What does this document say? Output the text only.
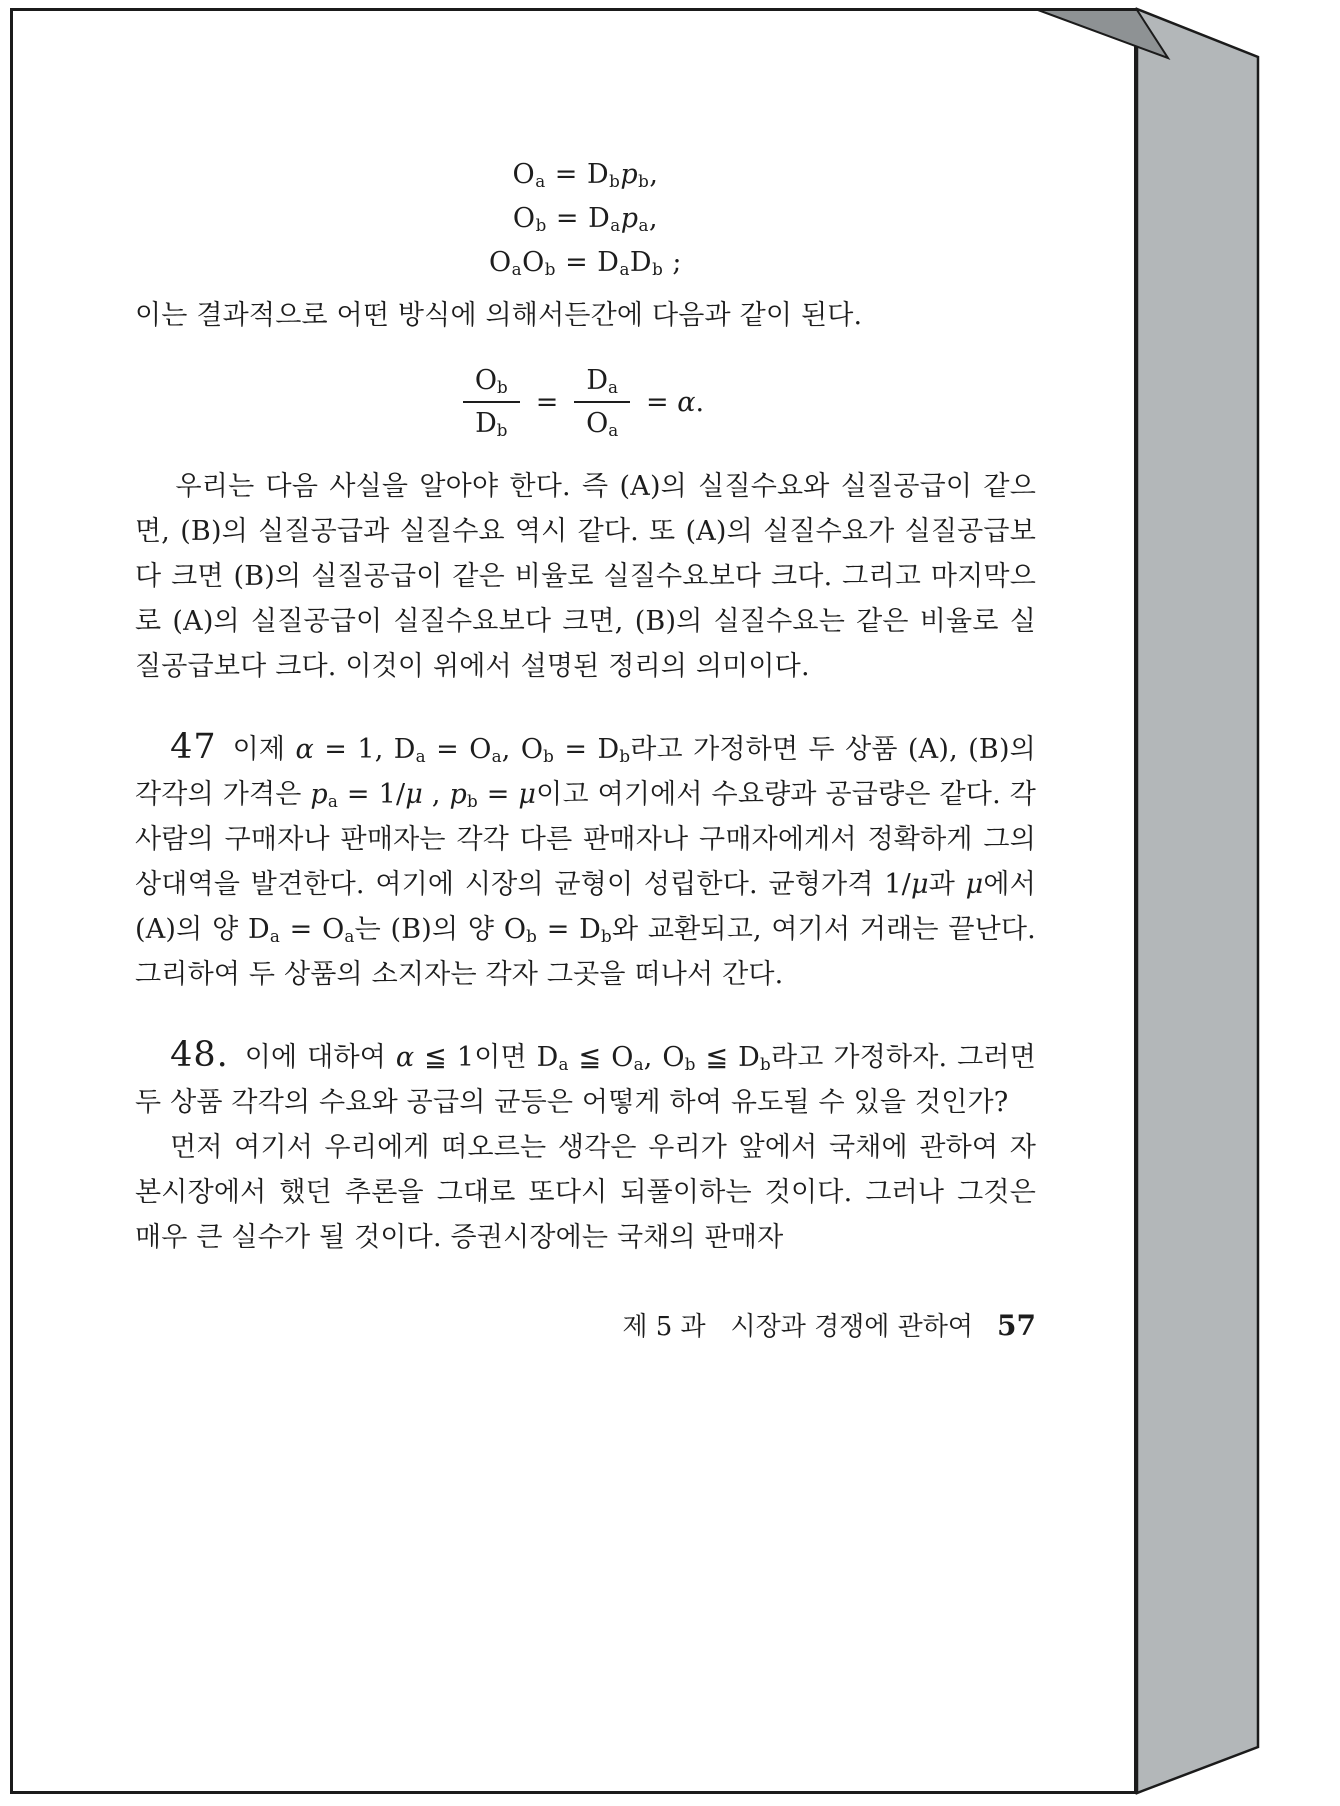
$O_a = D_bp_b$,
$O_b = D_ap_a$,
$O_aO_b = D_aD_b$ ;

이는 결과적으로 어떤 방식에 의해서든간에 다음과 같이 된다.

$\frac{O_b}{D_b} = \frac{D_a}{O_a} = \alpha$.

우리는 다음 사실을 알아야 한다. 즉 (A)의 실질수요와 실질공급이 같으면, (B)의 실질공급과 실질수요 역시 같다. 또 (A)의 실질수요가 실질공급보다 크면 (B)의 실질공급이 같은 비율로 실질수요보다 크다. 그리고 마지막으로 (A)의 실질공급이 실질수요보다 크면, (B)의 실질수요는 같은 비율로 실질공급보다 크다. 이것이 위에서 설명된 정리의 의미이다.

47 이제 α = 1, $D_a = O_a$, $O_b = D_b$라고 가정하면 두 상품 (A), (B)의 각각의 가격은 $p_a = 1/\mu$ , $p_b = \mu$이고 여기에서 수요량과 공급량은 같다. 각 사람의 구매자나 판매자는 각각 다른 판매자나 구매자에게서 정확하게 그의 상대역을 발견한다. 여기에 시장의 균형이 성립한다. 균형가격 1/μ과 μ에서 (A)의 양 $D_a = O_a$는 (B)의 양 $O_b = D_b$와 교환되고, 여기서 거래는 끝난다. 그리하여 두 상품의 소지자는 각자 그곳을 떠나서 간다.

48. 이에 대하여 α ≦ 1이면 $D_a$ ≦ $O_a$, $O_b$ ≦ $D_b$라고 가정하자. 그러면 두 상품 각각의 수요와 공급의 균등은 어떻게 하여 유도될 수 있을 것인가?

먼저 여기서 우리에게 떠오르는 생각은 우리가 앞에서 국채에 관하여 자본시장에서 했던 추론을 그대로 또다시 되풀이하는 것이다. 그러나 그것은 매우 큰 실수가 될 것이다. 증권시장에는 국채의 판매자

제 5 과   시장과 경쟁에 관하여 57
